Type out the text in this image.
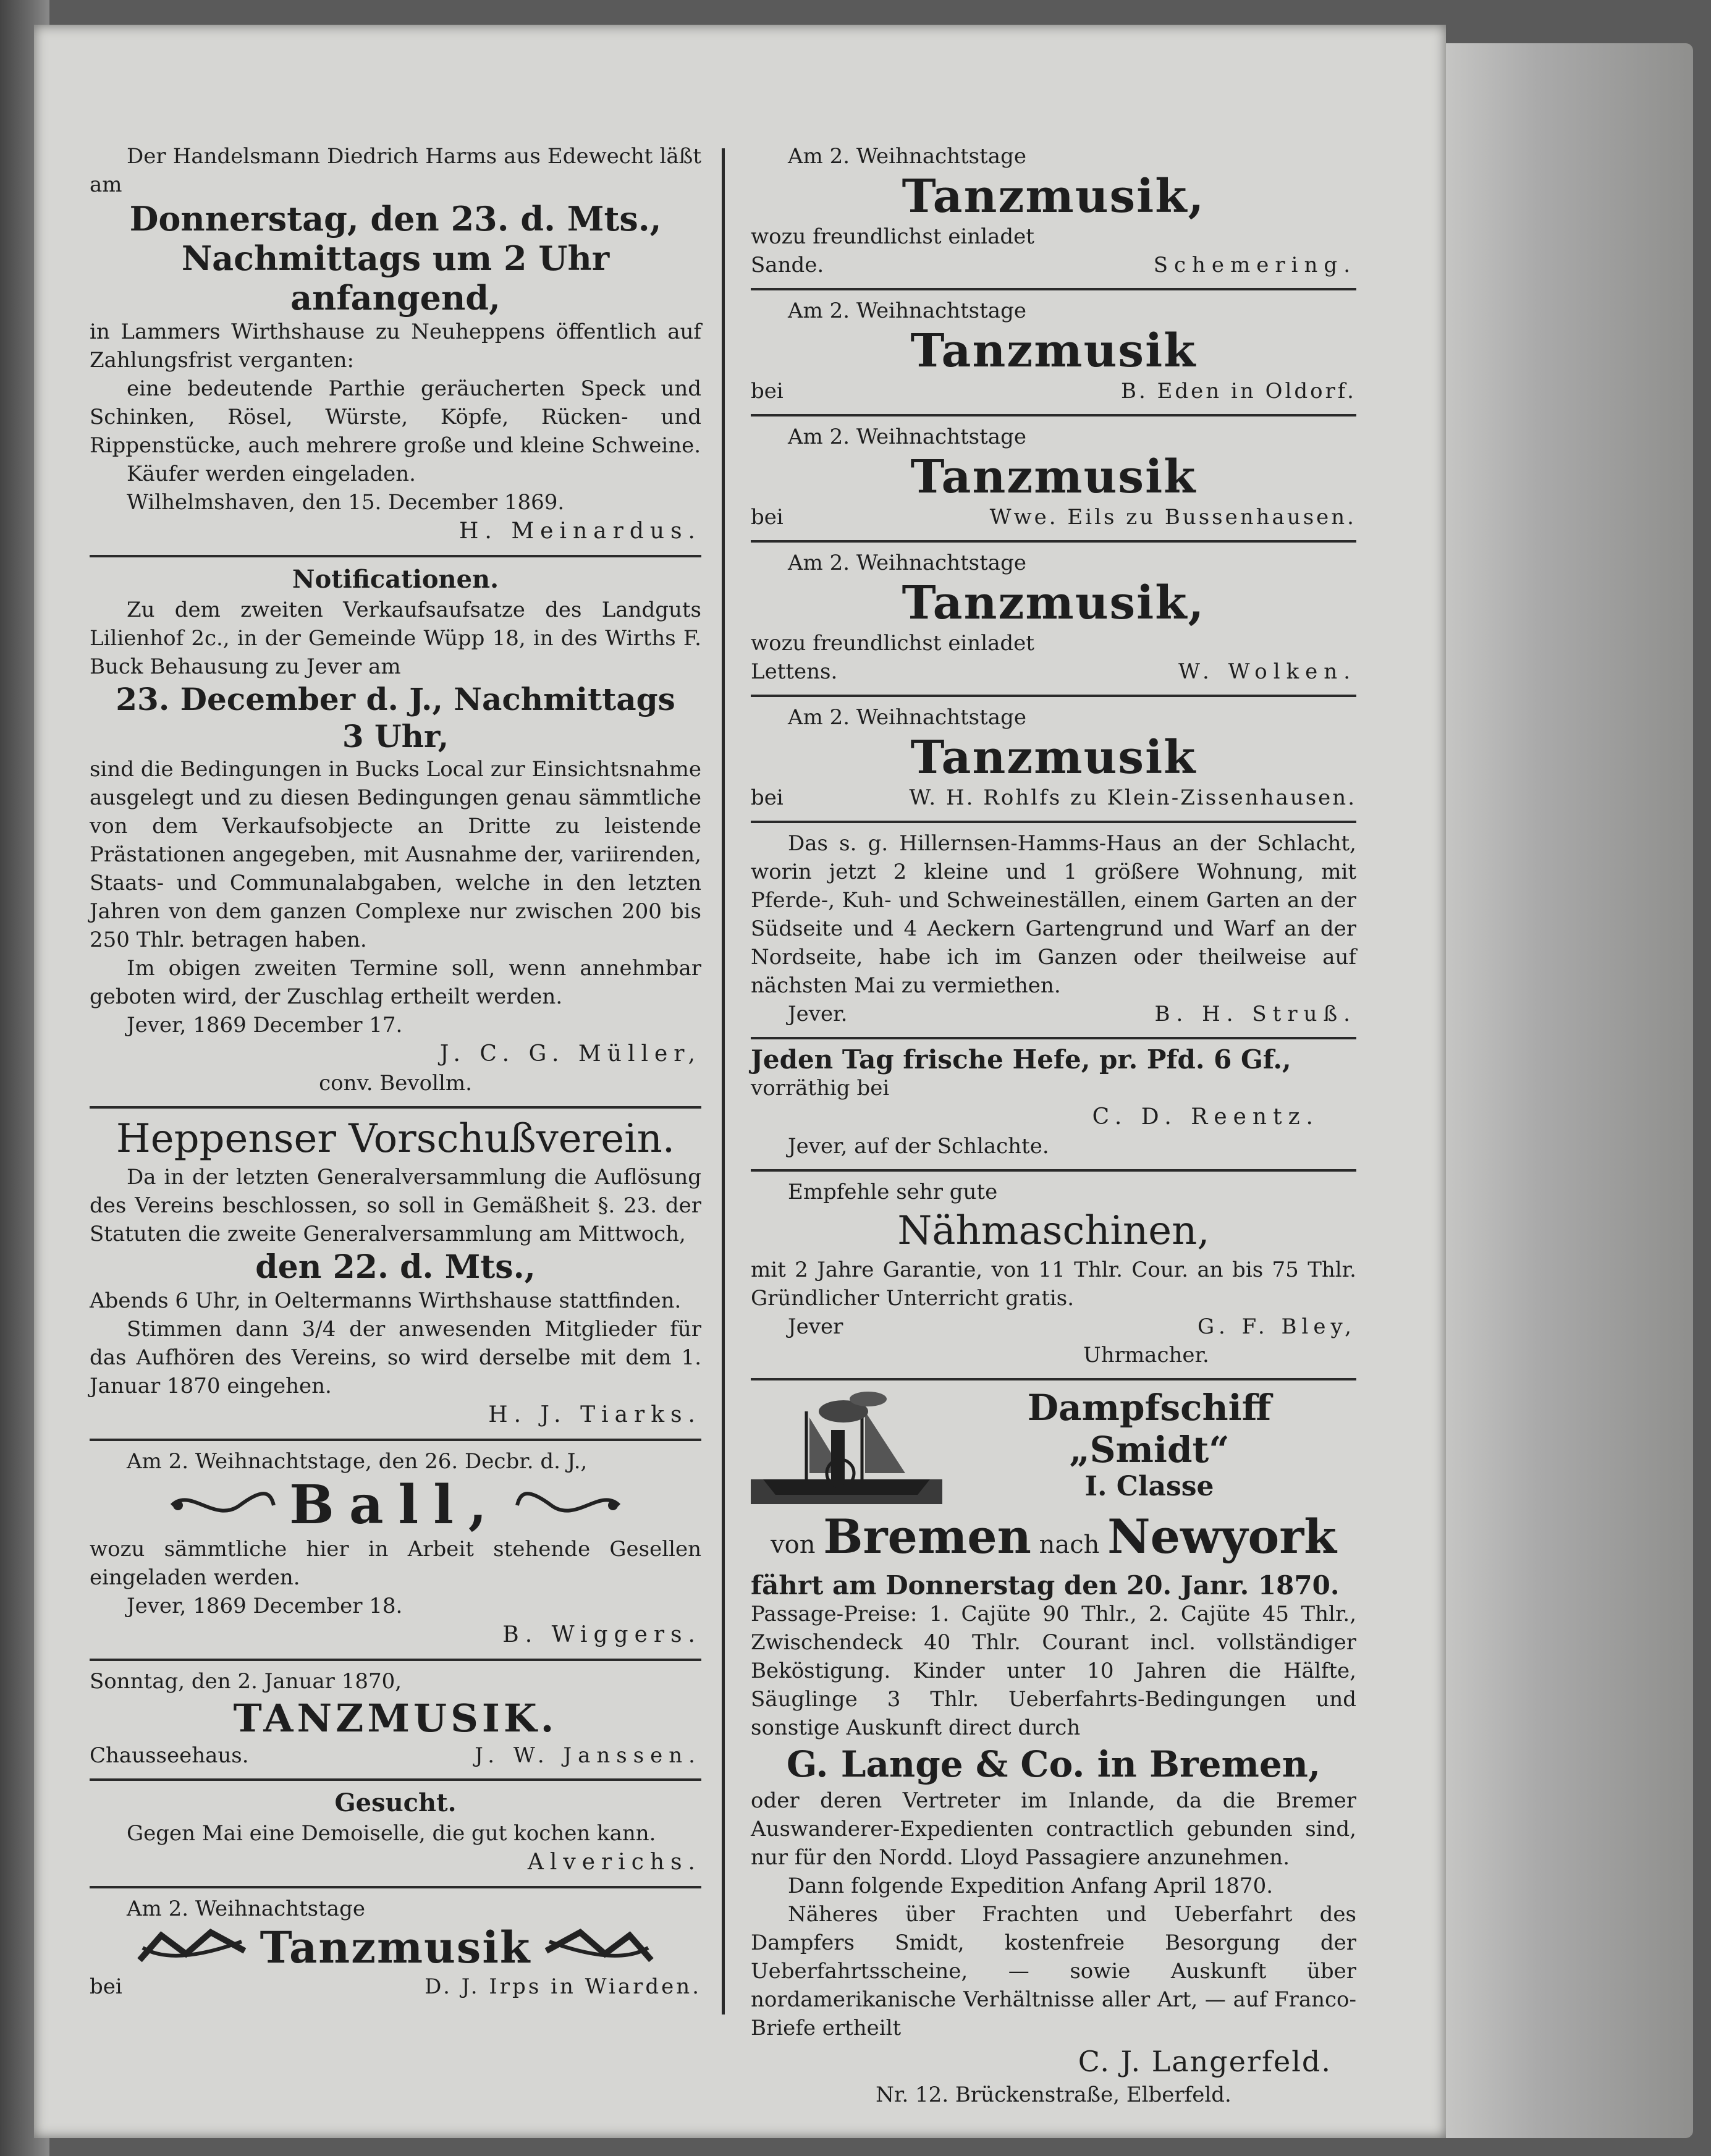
Der Handelsmann Diedrich Harms aus Edewecht läßt am
Donnerstag, den 23. d. Mts.,
Nachmittags um 2 Uhr anfangend,
in Lammers Wirthshause zu Neuheppens öffentlich auf Zahlungsfrist verganten:
eine bedeutende Parthie geräucherten Speck und Schinken, Rösel, Würste, Köpfe, Rücken- und Rippenstücke, auch mehrere große und kleine Schweine.
Käufer werden eingeladen.
Wilhelmshaven, den 15. December 1869.
H. Meinardus.
Notificationen.
Zu dem zweiten Verkaufsaufsatze des Landguts Lilienhof 2c., in der Gemeinde Wüpp 18, in des Wirths F. Buck Behausung zu Jever am
23. December d. J., Nachmittags
3 Uhr,
sind die Bedingungen in Bucks Local zur Einsichtsnahme ausgelegt und zu diesen Bedingungen genau sämmtliche von dem Verkaufsobjecte an Dritte zu leistende Prästationen angegeben, mit Ausnahme der, variirenden, Staats- und Communalabgaben, welche in den letzten Jahren von dem ganzen Complexe nur zwischen 200 bis 250 Thlr. betragen haben.
Im obigen zweiten Termine soll, wenn annehmbar geboten wird, der Zuschlag ertheilt werden.
Jever, 1869 December 17.
J. C. G. Müller,
conv. Bevollm.
Heppenser Vorschußverein.
Da in der letzten Generalversammlung die Auflösung des Vereins beschlossen, so soll in Gemäßheit §. 23. der Statuten die zweite Generalversammlung am Mittwoch,
den 22. d. Mts.,
Abends 6 Uhr, in Oeltermanns Wirthshause stattfinden.
Stimmen dann 3/4 der anwesenden Mitglieder für das Aufhören des Vereins, so wird derselbe mit dem 1. Januar 1870 eingehen.
H. J. Tiarks.
Am 2. Weihnachtstage, den 26. Decbr. d. J.,
Ball,
wozu sämmtliche hier in Arbeit stehende Gesellen eingeladen werden.
Jever, 1869 December 18.
B. Wiggers.
Sonntag, den 2. Januar 1870,
TANZMUSIK.
Chausseehaus.	J. W. Janssen.
Gesucht.
Gegen Mai eine Demoiselle, die gut kochen kann.
Alverichs.
Am 2. Weihnachtstage
Tanzmusik
bei	D. J. Irps in Wiarden.
Am 2. Weihnachtstage
Tanzmusik,
wozu freundlichst einladet
Sande.	Schemering.
Am 2. Weihnachtstage
Tanzmusik
bei	B. Eden in Oldorf.
Am 2. Weihnachtstage
Tanzmusik
bei	Wwe. Eils zu Bussenhausen.
Am 2. Weihnachtstage
Tanzmusik,
wozu freundlichst einladet
Lettens.	W. Wolken.
Am 2. Weihnachtstage
Tanzmusik
bei	W. H. Rohlfs zu Klein-Zissenhausen.
Das s. g. Hillernsen-Hamms-Haus an der Schlacht, worin jetzt 2 kleine und 1 größere Wohnung, mit Pferde-, Kuh- und Schweineställen, einem Garten an der Südseite und 4 Aeckern Gartengrund und Warf an der Nordseite, habe ich im Ganzen oder theilweise auf nächsten Mai zu vermiethen.
Jever.	B. H. Struß.
Jeden Tag frische Hefe, pr. Pfd. 6 Gf.,
vorräthig bei
C. D. Reentz.
Jever, auf der Schlachte.
Empfehle sehr gute
Nähmaschinen,
mit 2 Jahre Garantie, von 11 Thlr. Cour. an bis 75 Thlr. Gründlicher Unterricht gratis.
Jever	G. F. Bley,
Uhrmacher.
Dampfschiff
„Smidt“
I. Classe
von Bremen nach Newyork
fährt am Donnerstag den 20. Janr. 1870.
Passage-Preise: 1. Cajüte 90 Thlr., 2. Cajüte 45 Thlr., Zwischendeck 40 Thlr. Courant incl. vollständiger Beköstigung. Kinder unter 10 Jahren die Hälfte, Säuglinge 3 Thlr. Ueberfahrts-Bedingungen und sonstige Auskunft direct durch
G. Lange & Co. in Bremen,
oder deren Vertreter im Inlande, da die Bremer Auswanderer-Expedienten contractlich gebunden sind, nur für den Nordd. Lloyd Passagiere anzunehmen.
Dann folgende Expedition Anfang April 1870.
Näheres über Frachten und Ueberfahrt des Dampfers Smidt, kostenfreie Besorgung der Ueberfahrtsscheine, — sowie Auskunft über nordamerikanische Verhältnisse aller Art, — auf Franco-Briefe ertheilt
C. J. Langerfeld.
Nr. 12. Brückenstraße, Elberfeld.
